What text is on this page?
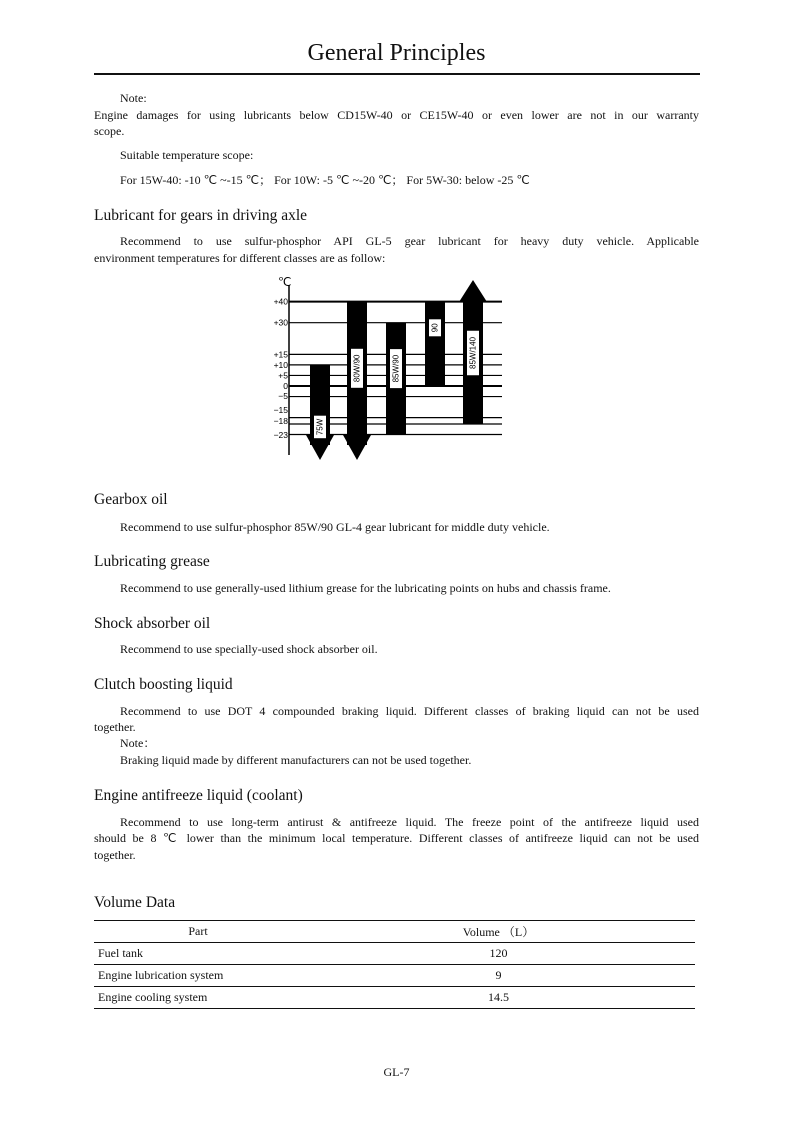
General Principles
Note:
Engine damages for using lubricants below CD15W-40 or CE15W-40 or even lower are not in our warranty
scope.
Suitable temperature scope:
For 15W-40: -10 ℃ ~-15 ℃； For 10W: -5 ℃ ~-20 ℃； For 5W-30: below -25 ℃
Lubricant for gears in driving axle
Recommend to use sulfur-phosphor API GL-5 gear lubricant for heavy duty vehicle. Applicable
environment temperatures for different classes are as follow:
℃
+40
+30
+15
+10
+5
0
−5
−15
−18
−23	75W
80W/90	85W/90
90
85W/140
Gearbox oil
Recommend to use sulfur-phosphor 85W/90 GL-4 gear lubricant for middle duty vehicle.
Lubricating grease
Recommend to use generally-used lithium grease for the lubricating points on hubs and chassis frame.
Shock absorber oil
Recommend to use specially-used shock absorber oil.
Clutch boosting liquid
Recommend to use DOT 4 compounded braking liquid. Different classes of braking liquid can not be used
together.
Note：
Braking liquid made by different manufacturers can not be used together.
Engine antifreeze liquid (coolant)
Recommend to use long-term antirust & antifreeze liquid. The freeze point of the antifreeze liquid used
should be 8 ℃ lower than the minimum local temperature. Different classes of antifreeze liquid can not be used
together.
Volume Data
Part	Volume （L）
Fuel tank	120
Engine lubrication system	9
Engine cooling system	14.5
GL-7
